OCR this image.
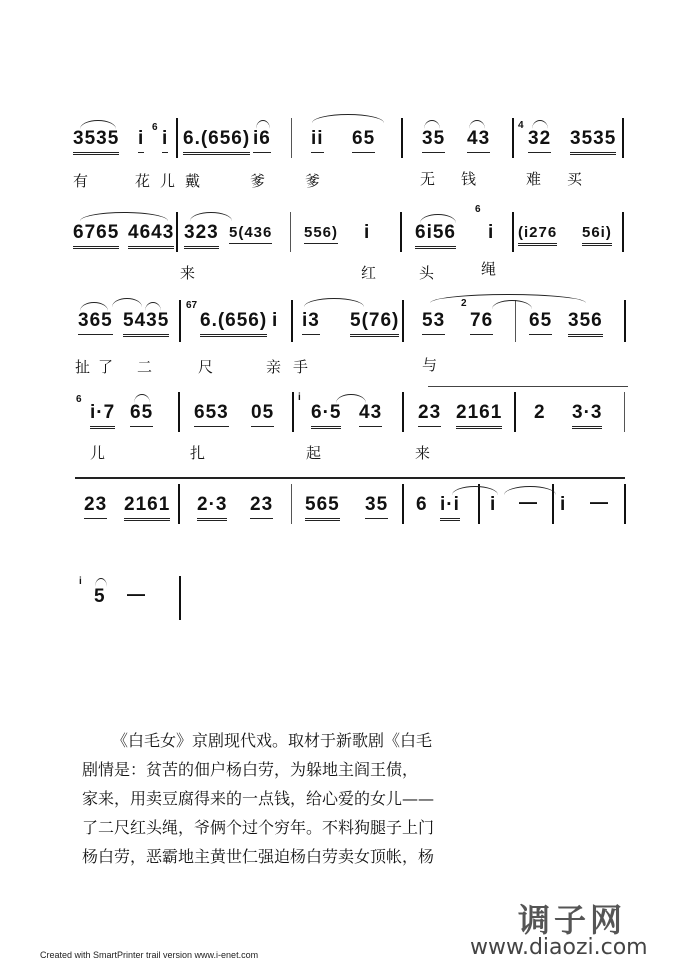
3535 i
6
i 6.(656) i6 ii 65 35 43
4
32 3535
有	花 儿 戴	爹	爹	无 钱	难 买
6765 4643 323 5(436 556) i 6i56
6
i (i276 56i)
来	红	头	绳
365 5435
67
6.(656) i i3 5(76) 53
2
76 65 356
扯 了 二	尺	亲 手	与
6
i·7 65 653 05
i
6·5 43 23 2161 2 3·3
儿	扎	起	来
23 2161 2·3 23 565 35 6 i·i i — i —
i
5 —

《白毛女》京剧现代戏。取材于新歌剧《白毛

剧情是：贫苦的佃户杨白劳，为躲地主阎王债，

家来，用卖豆腐得来的一点钱，给心爱的女儿——

了二尺红头绳，爷俩个过个穷年。不料狗腿子上门

杨白劳，恶霸地主黄世仁强迫杨白劳卖女顶帐，杨

Created with SmartPrinter trail version www.i-enet.com
调子网
www.diaozi.com
